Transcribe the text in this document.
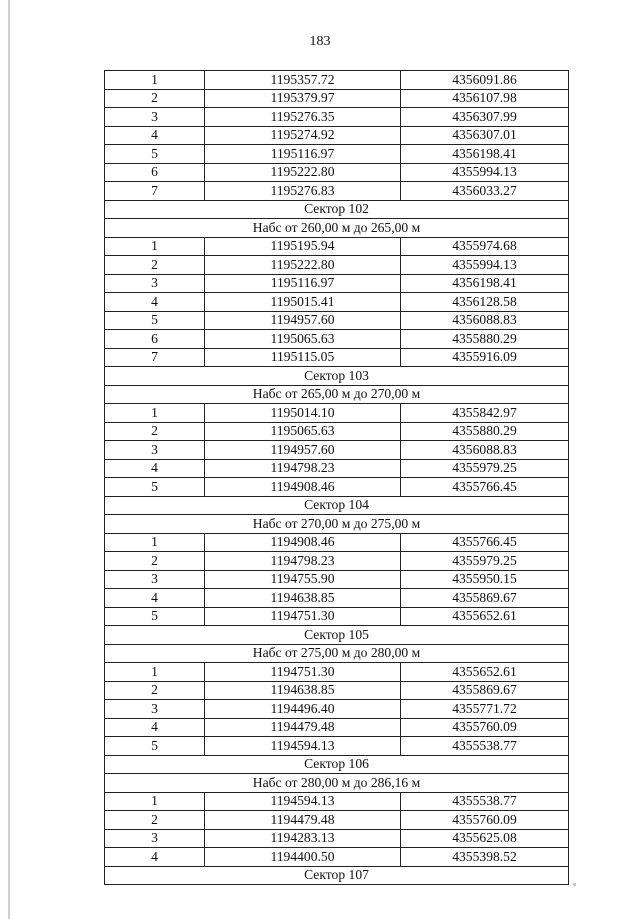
183
1	1195357.72	4356091.86
2	1195379.97	4356107.98
3	1195276.35	4356307.99
4	1195274.92	4356307.01
5	1195116.97	4356198.41
6	1195222.80	4355994.13
7	1195276.83	4356033.27
Сектор 102		
Набс от 260,00 м до 265,00 м		
1	1195195.94	4355974.68
2	1195222.80	4355994.13
3	1195116.97	4356198.41
4	1195015.41	4356128.58
5	1194957.60	4356088.83
6	1195065.63	4355880.29
7	1195115.05	4355916.09
Сектор 103		
Набс от 265,00 м до 270,00 м		
1	1195014.10	4355842.97
2	1195065.63	4355880.29
3	1194957.60	4356088.83
4	1194798.23	4355979.25
5	1194908.46	4355766.45
Сектор 104		
Набс от 270,00 м до 275,00 м		
1	1194908.46	4355766.45
2	1194798.23	4355979.25
3	1194755.90	4355950.15
4	1194638.85	4355869.67
5	1194751.30	4355652.61
Сектор 105		
Набс от 275,00 м до 280,00 м		
1	1194751.30	4355652.61
2	1194638.85	4355869.67
3	1194496.40	4355771.72
4	1194479.48	4355760.09
5	1194594.13	4355538.77
Сектор 106		
Набс от 280,00 м до 286,16 м		
1	1194594.13	4355538.77
2	1194479.48	4355760.09
3	1194283.13	4355625.08
4	1194400.50	4355398.52
Сектор 107		
